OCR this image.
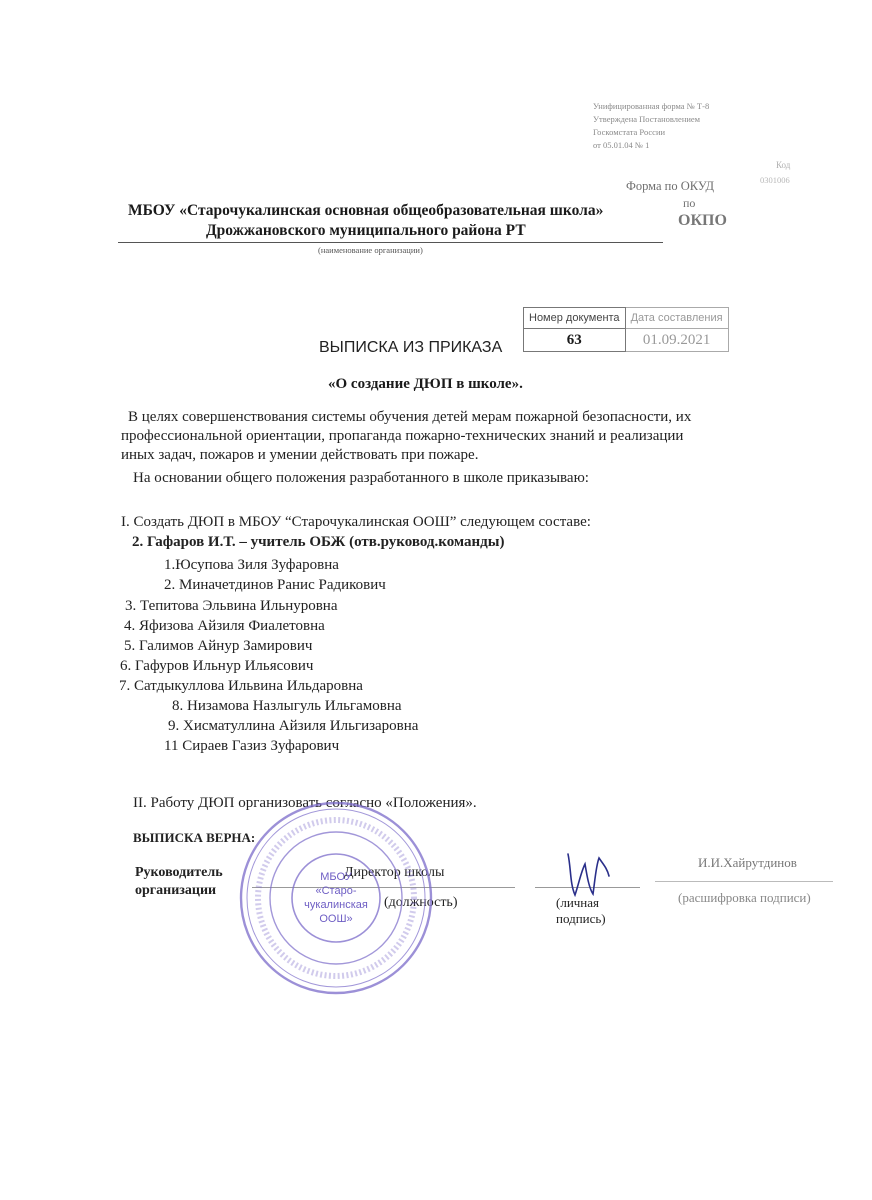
Унифицированная форма № Т-8
Утверждена Постановлением
Госкомстата России
от 05.01.04 № 1
Код
0301006
Форма по ОКУД
по
ОКПО
МБОУ «Старочукалинская основная общеобразовательная школа»
Дрожжановского муниципального района РТ
(наименование организации)
Номер документа	Дата составления
63	01.09.2021
ВЫПИСКА ИЗ ПРИКАЗА
«О создание ДЮП в школе».
В целях совершенствования системы обучения детей мерам пожарной безопасности, их
профессиональной ориентации, пропаганда пожарно-технических знаний и реализации
иных задач, пожаров и умении действовать при пожаре.
На основании общего положения разработанного в школе приказываю:
I. Создать ДЮП в МБОУ “Старочукалинская ООШ” следующем составе:
2. Гафаров И.Т. – учитель ОБЖ (отв.руковод.команды)
1.Юсупова Зиля Зуфаровна
2. Миначетдинов Ранис Радикович
3. Тепитова Эльвина Ильнуровна
4. Яфизова Айзиля Фиалетовна
5. Галимов Айнур Замирович
6. Гафуров Ильнур Ильясович
7. Сатдыкуллова Ильвина Ильдаровна
8. Низамова Назлыгуль Ильгамовна
9. Хисматуллина Айзиля Ильгизаровна
11 Сираев Газиз Зуфарович
II. Работу ДЮП организовать согласно «Положения».
ВЫПИСКА ВЕРНА:
Руководитель
организации
Директор школы
(должность)	(личная
подпись)
И.И.Хайрутдинов
(расшифровка подписи)
МБОУ
«Старо-
чукалинская
ООШ»
